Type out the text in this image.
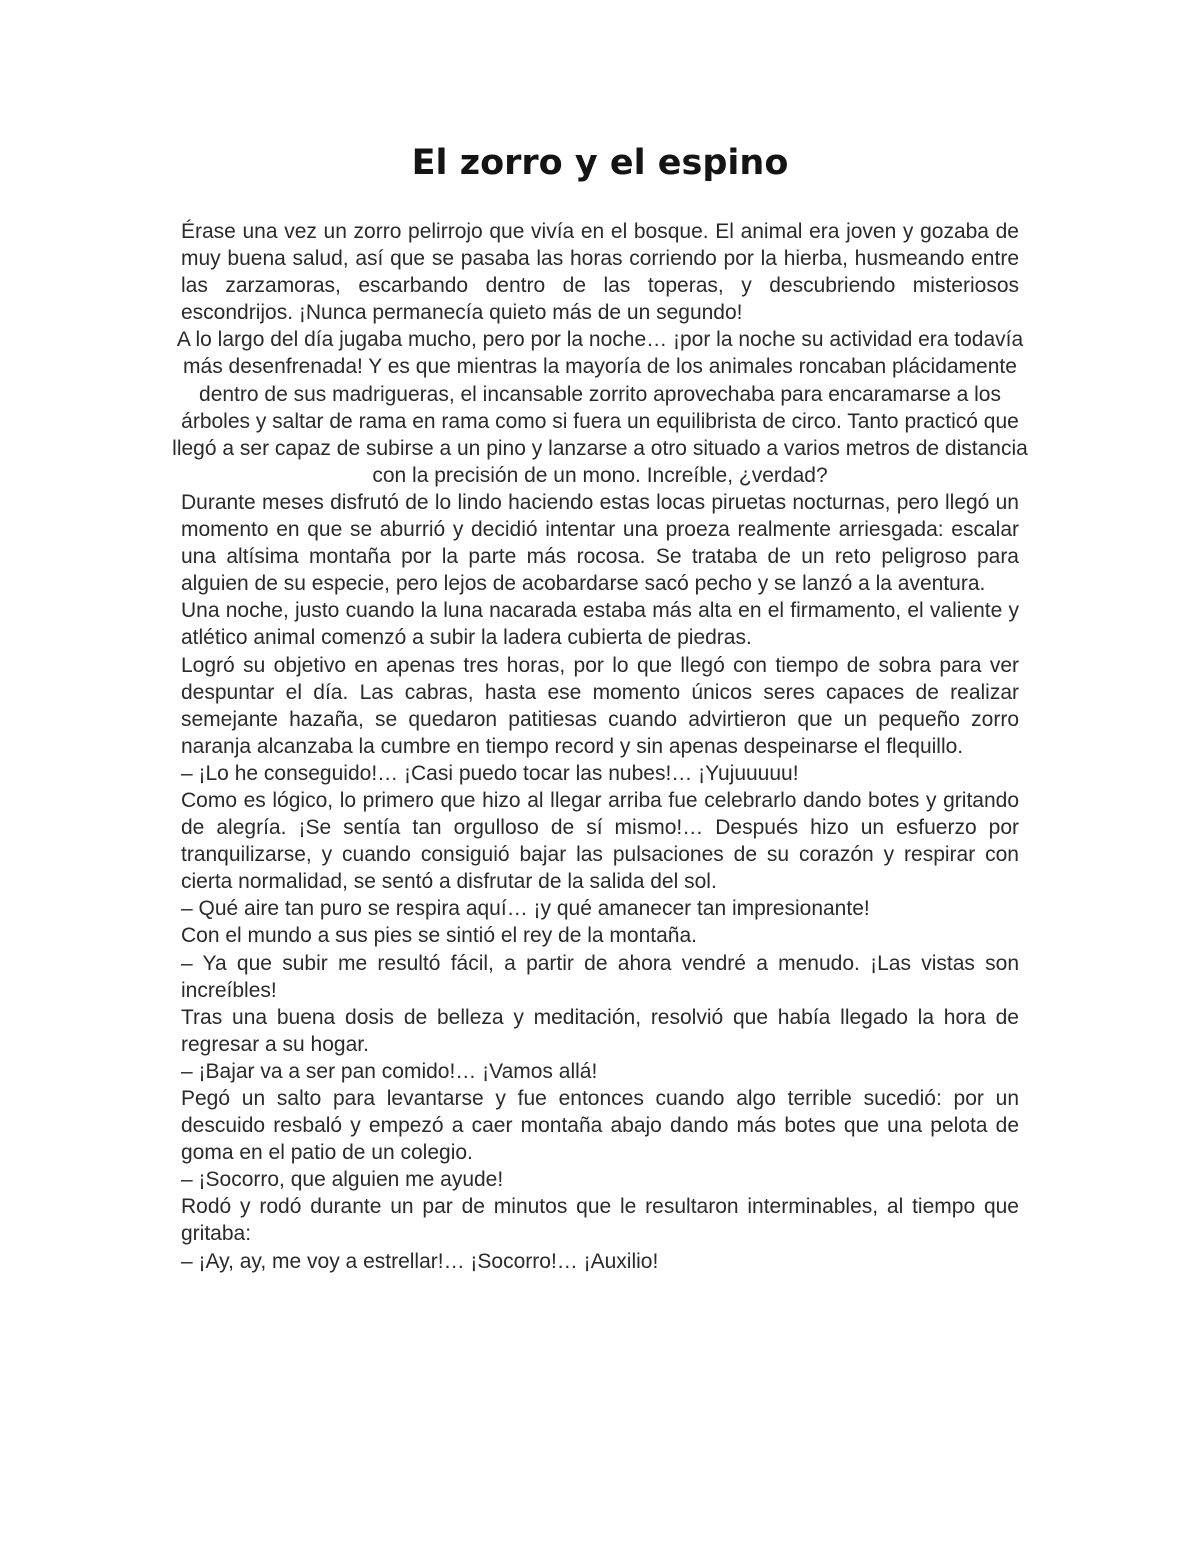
El zorro y el espino

Érase una vez un zorro pelirrojo que vivía en el bosque. El animal era joven y gozaba de muy buena salud, así que se pasaba las horas corriendo por la hierba, husmeando entre las zarzamoras, escarbando dentro de las toperas, y descubriendo misteriosos escondrijos. ¡Nunca permanecía quieto más de un segundo!

A lo largo del día jugaba mucho, pero por la noche… ¡por la noche su actividad era todavía más desenfrenada! Y es que mientras la mayoría de los animales roncaban plácidamente dentro de sus madrigueras, el incansable zorrito aprovechaba para encaramarse a los árboles y saltar de rama en rama como si fuera un equilibrista de circo. Tanto practicó que llegó a ser capaz de subirse a un pino y lanzarse a otro situado a varios metros de distancia con la precisión de un mono. Increíble, ¿verdad?

Durante meses disfrutó de lo lindo haciendo estas locas piruetas nocturnas, pero llegó un momento en que se aburrió y decidió intentar una proeza realmente arriesgada: escalar una altísima montaña por la parte más rocosa. Se trataba de un reto peligroso para alguien de su especie, pero lejos de acobardarse sacó pecho y se lanzó a la aventura.

Una noche, justo cuando la luna nacarada estaba más alta en el firmamento, el valiente y atlético animal comenzó a subir la ladera cubierta de piedras.

Logró su objetivo en apenas tres horas, por lo que llegó con tiempo de sobra para ver despuntar el día. Las cabras, hasta ese momento únicos seres capaces de realizar semejante hazaña, se quedaron patitiesas cuando advirtieron que un pequeño zorro naranja alcanzaba la cumbre en tiempo record y sin apenas despeinarse el flequillo.

– ¡Lo he conseguido!… ¡Casi puedo tocar las nubes!… ¡Yujuuuuu!

Como es lógico, lo primero que hizo al llegar arriba fue celebrarlo dando botes y gritando de alegría. ¡Se sentía tan orgulloso de sí mismo!… Después hizo un esfuerzo por tranquilizarse, y cuando consiguió bajar las pulsaciones de su corazón y respirar con cierta normalidad, se sentó a disfrutar de la salida del sol.

– Qué aire tan puro se respira aquí… ¡y qué amanecer tan impresionante!

Con el mundo a sus pies se sintió el rey de la montaña.

– Ya que subir me resultó fácil, a partir de ahora vendré a menudo. ¡Las vistas son increíbles!

Tras una buena dosis de belleza y meditación, resolvió que había llegado la hora de regresar a su hogar.

– ¡Bajar va a ser pan comido!… ¡Vamos allá!

Pegó un salto para levantarse y fue entonces cuando algo terrible sucedió: por un descuido resbaló y empezó a caer montaña abajo dando más botes que una pelota de goma en el patio de un colegio.

– ¡Socorro, que alguien me ayude!

Rodó y rodó durante un par de minutos que le resultaron interminables, al tiempo que gritaba:

– ¡Ay, ay, me voy a estrellar!… ¡Socorro!… ¡Auxilio!
